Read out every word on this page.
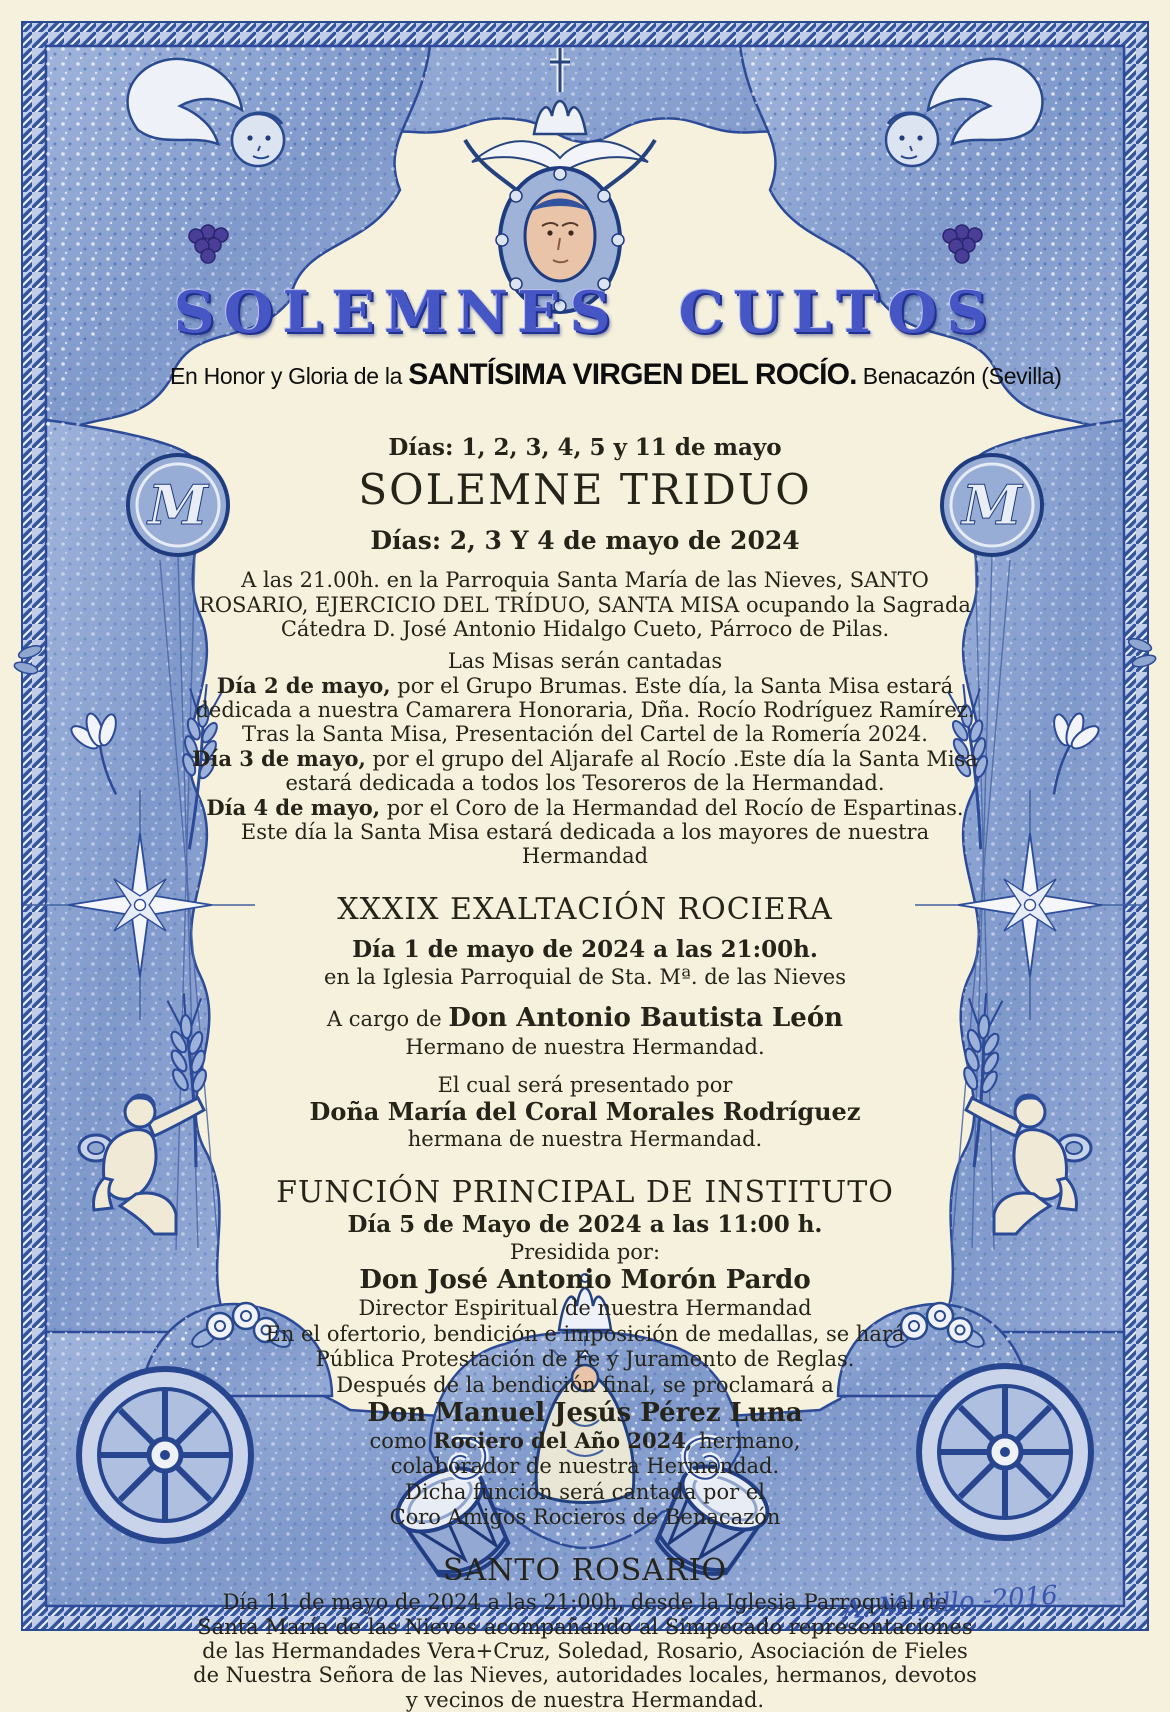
SOLEMNES CULTOS
En Honor y Gloria de la SANTÍSIMA VIRGEN DEL ROCÍO. Benacazón (Sevilla)
Días: 1, 2, 3, 4, 5 y 11 de mayo
SOLEMNE TRIDUO
Días: 2, 3 Y 4 de mayo de 2024
A las 21.00h. en la Parroquia Santa María de las Nieves, SANTO ROSARIO, EJERCICIO DEL TRÍDUO, SANTA MISA ocupando la Sagrada Cátedra D. José Antonio Hidalgo Cueto, Párroco de Pilas.
Las Misas serán cantadas
Día 2 de mayo, por el Grupo Brumas. Este día, la Santa Misa estará dedicada a nuestra Camarera Honoraria, Dña. Rocío Rodríguez Ramírez. Tras la Santa Misa, Presentación del Cartel de la Romería 2024.
Día 3 de mayo, por el grupo del Aljarafe al Rocío .Este día la Santa Misa estará dedicada a todos los Tesoreros de la Hermandad.
Día 4 de mayo, por el Coro de la Hermandad del Rocío de Espartinas. Este día la Santa Misa estará dedicada a los mayores de nuestra Hermandad
XXXIX EXALTACIÓN ROCIERA
Día 1 de mayo de 2024 a las 21:00h.
en la Iglesia Parroquial de Sta. Mª. de las Nieves
A cargo de Don Antonio Bautista León
Hermano de nuestra Hermandad.
El cual será presentado por
Doña María del Coral Morales Rodríguez
hermana de nuestra Hermandad.
FUNCIÓN PRINCIPAL DE INSTITUTO
Día 5 de Mayo de 2024 a las 11:00 h.
Presidida por:
Don José Antonio Morón Pardo
Director Espiritual de nuestra Hermandad
En el ofertorio, bendición e imposición de medallas, se hará
Pública Protestación de Fe y Juramento de Reglas.
Después de la bendición final, se proclamará a
Don Manuel Jesús Pérez Luna
como Rociero del Año 2024, hermano,
colaborador de nuestra Hermandad.
Dicha función será cantada por el
Coro Amigos Rocieros de Benacazón
SANTO ROSARIO
Día 11 de mayo de 2024 a las 21:00h, desde la Iglesia Parroquial de Santa María de las Nieves acompañando al Simpecado representaciones de las Hermandades Vera+Cruz, Soledad, Rosario, Asociación de Fieles de Nuestra Señora de las Nieves, autoridades locales, hermanos, devotos y vecinos de nuestra Hermandad.
A. Murillo -2016
